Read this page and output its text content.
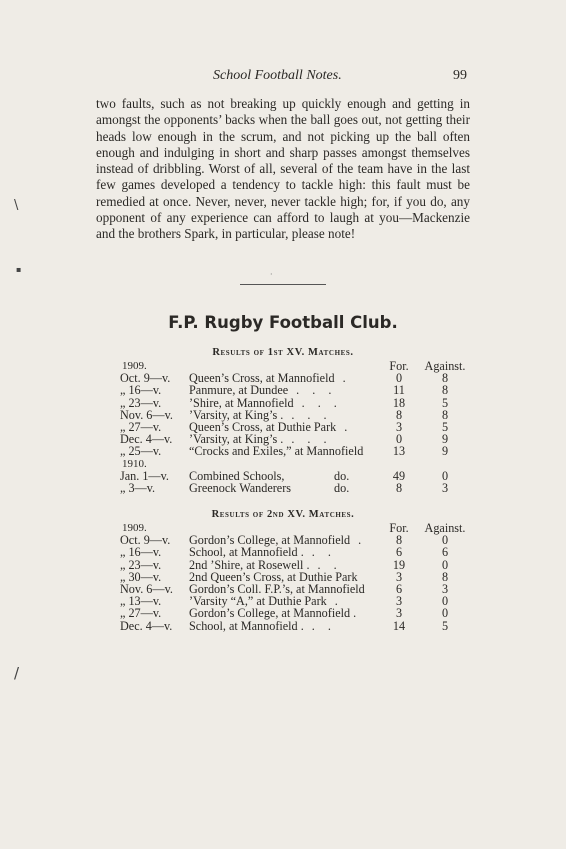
School Football Notes.	99

two faults, such as not breaking up quickly enough and getting in amongst the opponents’ backs when the ball goes out, not getting their heads low enough in the scrum, and not picking up the ball often enough and indulging in short and sharp passes amongst themselves instead of dribbling. Worst of all, several of the team have in the last few games developed a tendency to tackle high: this fault must be remedied at once. Never, never, never tackle high; for, if you do, any opponent of any experience can afford to laugh at you—Mackenzie and the brothers Spark, in particular, please note!

·
F.P. Rugby Football Club.
Results of 1st XV. Matches.
1909.	For.	Against.
Oct. 9—v. Queen’s Cross, at Mannofield .	0	8
„ 16—v. Panmure, at Dundee . . .	11	8
„ 23—v. ’Shire, at Mannofield . . .	18	5
Nov. 6—v. ’Varsity, at King’s . . . .	8	8
„ 27—v. Queen’s Cross, at Duthie Park .	3	5
Dec. 4—v. ’Varsity, at King’s . . . .	0	9
„ 25—v. “Crocks and Exiles,” at Mannofield	13	9
1910.
Jan. 1—v. Combined Schools,	do.	49	0
„ 3—v.	Greenock Wanderers	do.	8	3
Results of 2nd XV. Matches.
1909.	For.	Against.
Oct. 9—v. Gordon’s College, at Mannofield .	8	0
„ 16—v. School, at Mannofield . . .	6	6
„ 23—v. 2nd ’Shire, at Rosewell . . .	19	0
„ 30—v. 2nd Queen’s Cross, at Duthie Park	3	8
Nov. 6—v. Gordon’s Coll. F.P.’s, at Mannofield	6	3
„ 13—v. ’Varsity “A,” at Duthie Park .	3	0
„ 27—v. Gordon’s College, at Mannofield .	3	0
Dec. 4—v. School, at Mannofield . . .	14	5
\
▪
/
